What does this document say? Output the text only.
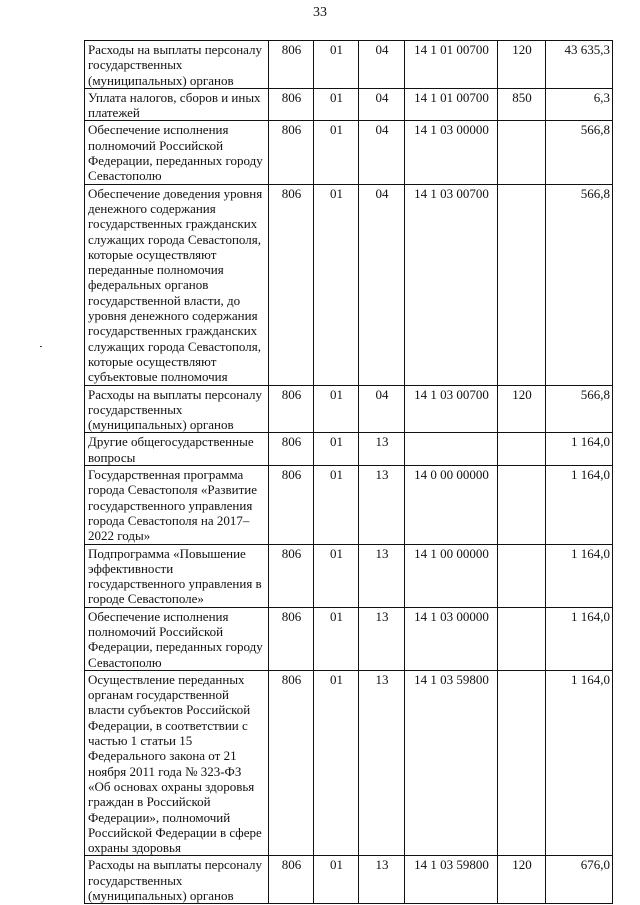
33
Расходы на выплаты персоналу государственных (муниципальных) органов	806	01	04	14 1 01 00700	120	43 635,3
Уплата налогов, сборов и иных платежей	806	01	04	14 1 01 00700	850	6,3
Обеспечение исполнения полномочий Российской Федерации, переданных городу Севастополю	806	01	04	14 1 03 00000		566,8
Обеспечение доведения уровня денежного содержания государственных гражданских служащих города Севастополя, которые осуществляют переданные полномочия федеральных органов государственной власти, до уровня денежного содержания государственных гражданских служащих города Севастополя, которые осуществляют субъектовые полномочия	806	01	04	14 1 03 00700		566,8
Расходы на выплаты персоналу государственных (муниципальных) органов	806	01	04	14 1 03 00700	120	566,8
Другие общегосударственные вопросы	806	01	13			1 164,0
Государственная программа города Севастополя «Развитие государственного управления города Севастополя на 2017–2022 годы»	806	01	13	14 0 00 00000		1 164,0
Подпрограмма «Повышение эффективности государственного управления в городе Севастополе»	806	01	13	14 1 00 00000		1 164,0
Обеспечение исполнения полномочий Российской Федерации, переданных городу Севастополю	806	01	13	14 1 03 00000		1 164,0
Осуществление переданных органам государственной власти субъектов Российской Федерации, в соответствии с частью 1 статьи 15 Федерального закона от 21 ноября 2011 года № 323-ФЗ «Об основах охраны здоровья граждан в Российской Федерации», полномочий Российской Федерации в сфере охраны здоровья	806	01	13	14 1 03 59800		1 164,0
Расходы на выплаты персоналу государственных (муниципальных) органов	806	01	13	14 1 03 59800	120	676,0
